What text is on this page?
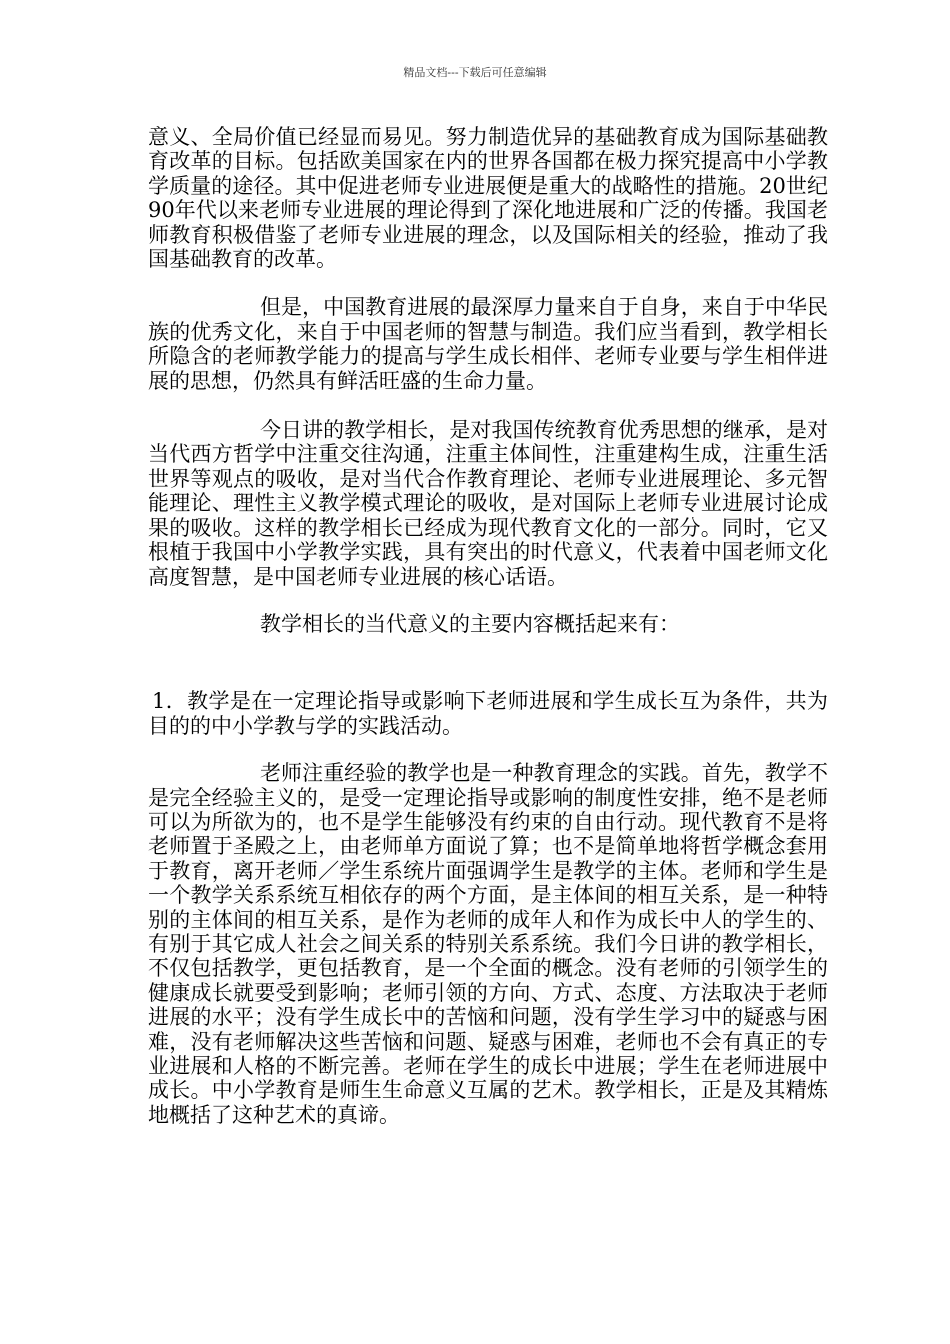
精品文档---下载后可任意编辑

意义、全局价值已经显而易见。努力制造优异的基础教育成为国际基础教育改革的目标。包括欧美国家在内的世界各国都在极力探究提高中小学教学质量的途径。其中促进老师专业进展便是重大的战略性的措施。20世纪90年代以来老师专业进展的理论得到了深化地进展和广泛的传播。我国老师教育积极借鉴了老师专业进展的理念，以及国际相关的经验，推动了我国基础教育的改革。

但是，中国教育进展的最深厚力量来自于自身，来自于中华民族的优秀文化，来自于中国老师的智慧与制造。我们应当看到，教学相长所隐含的老师教学能力的提高与学生成长相伴、老师专业要与学生相伴进展的思想，仍然具有鲜活旺盛的生命力量。

今日讲的教学相长，是对我国传统教育优秀思想的继承，是对当代西方哲学中注重交往沟通，注重主体间性，注重建构生成，注重生活世界等观点的吸收，是对当代合作教育理论、老师专业进展理论、多元智能理论、理性主义教学模式理论的吸收，是对国际上老师专业进展讨论成果的吸收。这样的教学相长已经成为现代教育文化的一部分。同时，它又根植于我国中小学教学实践，具有突出的时代意义，代表着中国老师文化高度智慧，是中国老师专业进展的核心话语。

教学相长的当代意义的主要内容概括起来有：

1．教学是在一定理论指导或影响下老师进展和学生成长互为条件，共为目的的中小学教与学的实践活动。

老师注重经验的教学也是一种教育理念的实践。首先，教学不是完全经验主义的，是受一定理论指导或影响的制度性安排，绝不是老师可以为所欲为的，也不是学生能够没有约束的自由行动。现代教育不是将老师置于圣殿之上，由老师单方面说了算；也不是简单地将哲学概念套用于教育，离开老师／学生系统片面强调学生是教学的主体。老师和学生是一个教学关系系统互相依存的两个方面，是主体间的相互关系，是一种特别的主体间的相互关系，是作为老师的成年人和作为成长中人的学生的、有别于其它成人社会之间关系的特别关系系统。我们今日讲的教学相长，不仅包括教学，更包括教育，是一个全面的概念。没有老师的引领学生的健康成长就要受到影响；老师引领的方向、方式、态度、方法取决于老师进展的水平；没有学生成长中的苦恼和问题，没有学生学习中的疑惑与困难，没有老师解决这些苦恼和问题、疑惑与困难，老师也不会有真正的专业进展和人格的不断完善。老师在学生的成长中进展；学生在老师进展中成长。中小学教育是师生生命意义互属的艺术。教学相长，正是及其精炼地概括了这种艺术的真谛。
